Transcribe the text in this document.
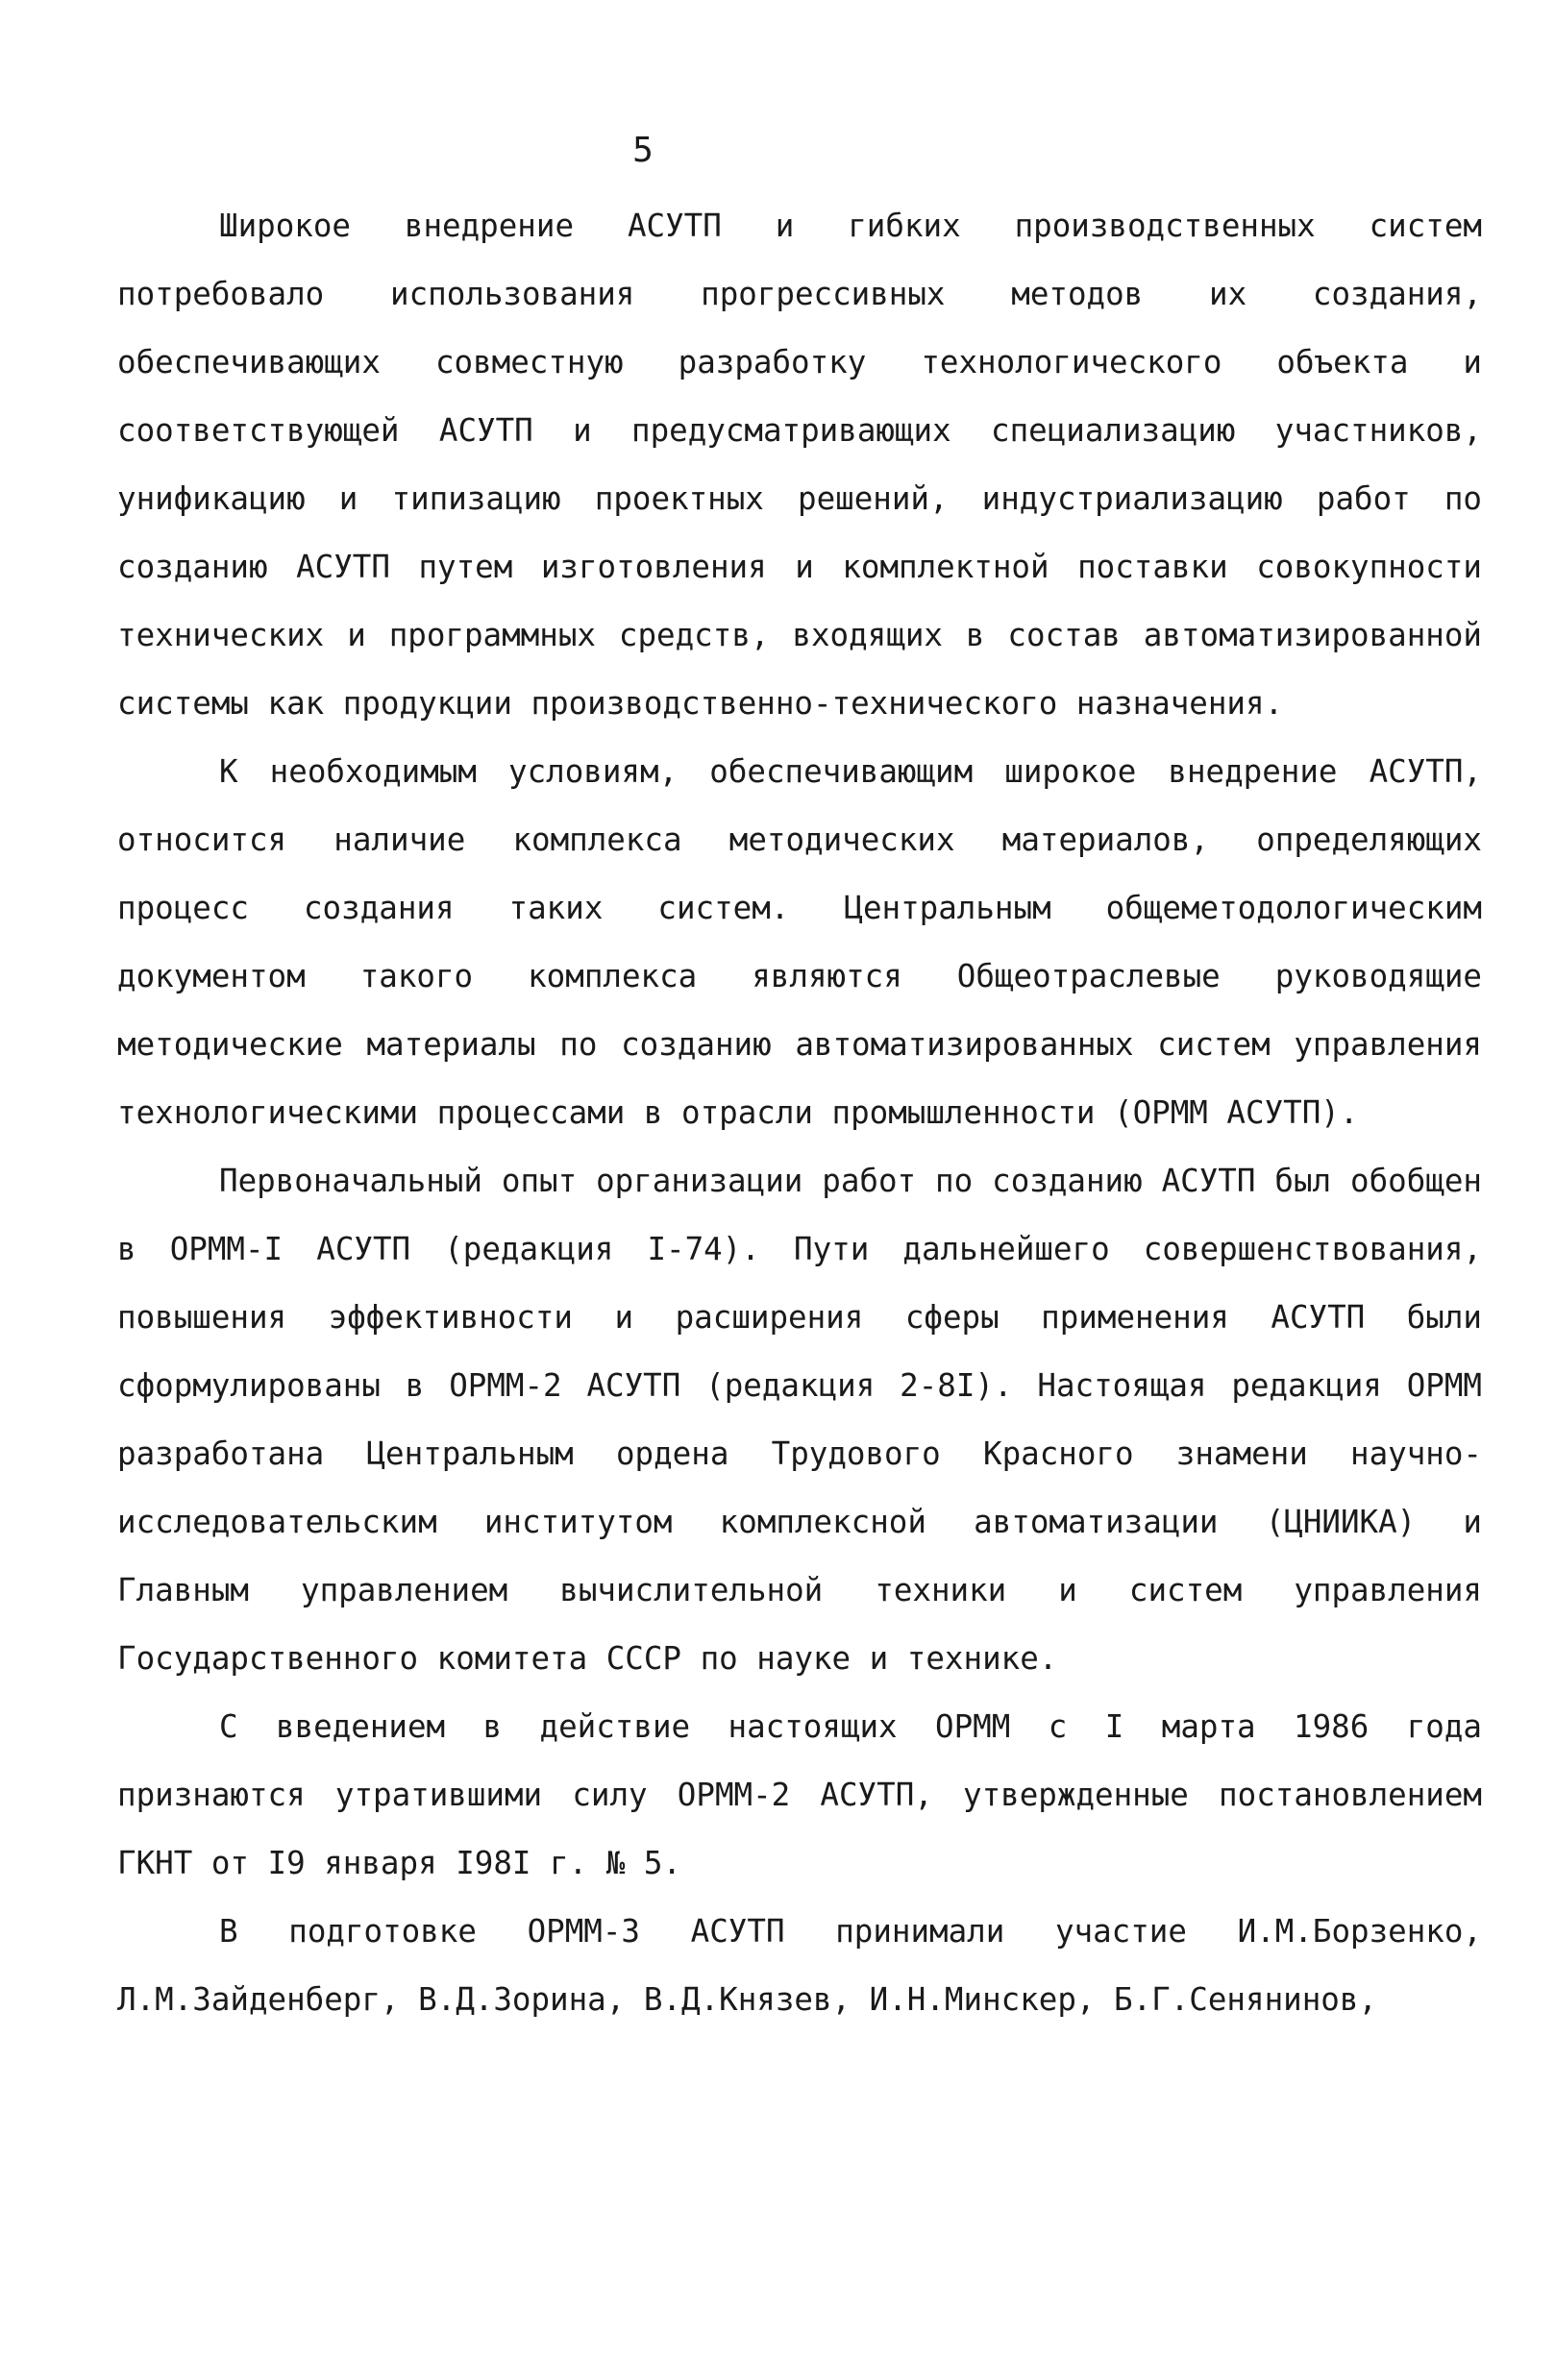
5

Широкое внедрение АСУТП и гибких производственных систем потребовало использования прогрессивных методов их создания, обеспечивающих совместную разработку технологического объекта и соответствующей АСУТП и предусматривающих специализацию участников, унификацию и типизацию проектных решений, индустриализацию работ по созданию АСУТП путем изготовления и комплектной поставки совокупности технических и программных средств, входящих в состав автоматизированной системы как продукции производственно-технического назначения.

К необходимым условиям, обеспечивающим широкое внедрение АСУТП, относится наличие комплекса методических материалов, определяющих процесс создания таких систем. Центральным общеметодологическим документом такого комплекса являются Общеотраслевые руководящие методические материалы по созданию автоматизированных систем управления технологическими процессами в отрасли промышленности (ОРММ АСУТП).

Первоначальный опыт организации работ по созданию АСУТП был обобщен в ОРММ-I АСУТП (редакция I-74). Пути дальнейшего совершенствования, повышения эффективности и расширения сферы применения АСУТП были сформулированы в ОРММ-2 АСУТП (редакция 2-8I). Настоящая редакция ОРММ разработана Центральным ордена Трудового Красного знамени научно-исследовательским институтом комплексной автоматизации (ЦНИИКА) и Главным управлением вычислительной техники и систем управления Государственного комитета СССР по науке и технике.

С введением в действие настоящих ОРММ с I марта 1986 года признаются утратившими силу ОРММ-2 АСУТП, утвержденные постановлением ГКНТ от I9 января I98I г. № 5.

В подготовке ОРММ-3 АСУТП принимали участие И.М.Борзенко, Л.М.Зайденберг, В.Д.Зорина, В.Д.Князев, И.Н.Минскер, Б.Г.Сенянинов,
